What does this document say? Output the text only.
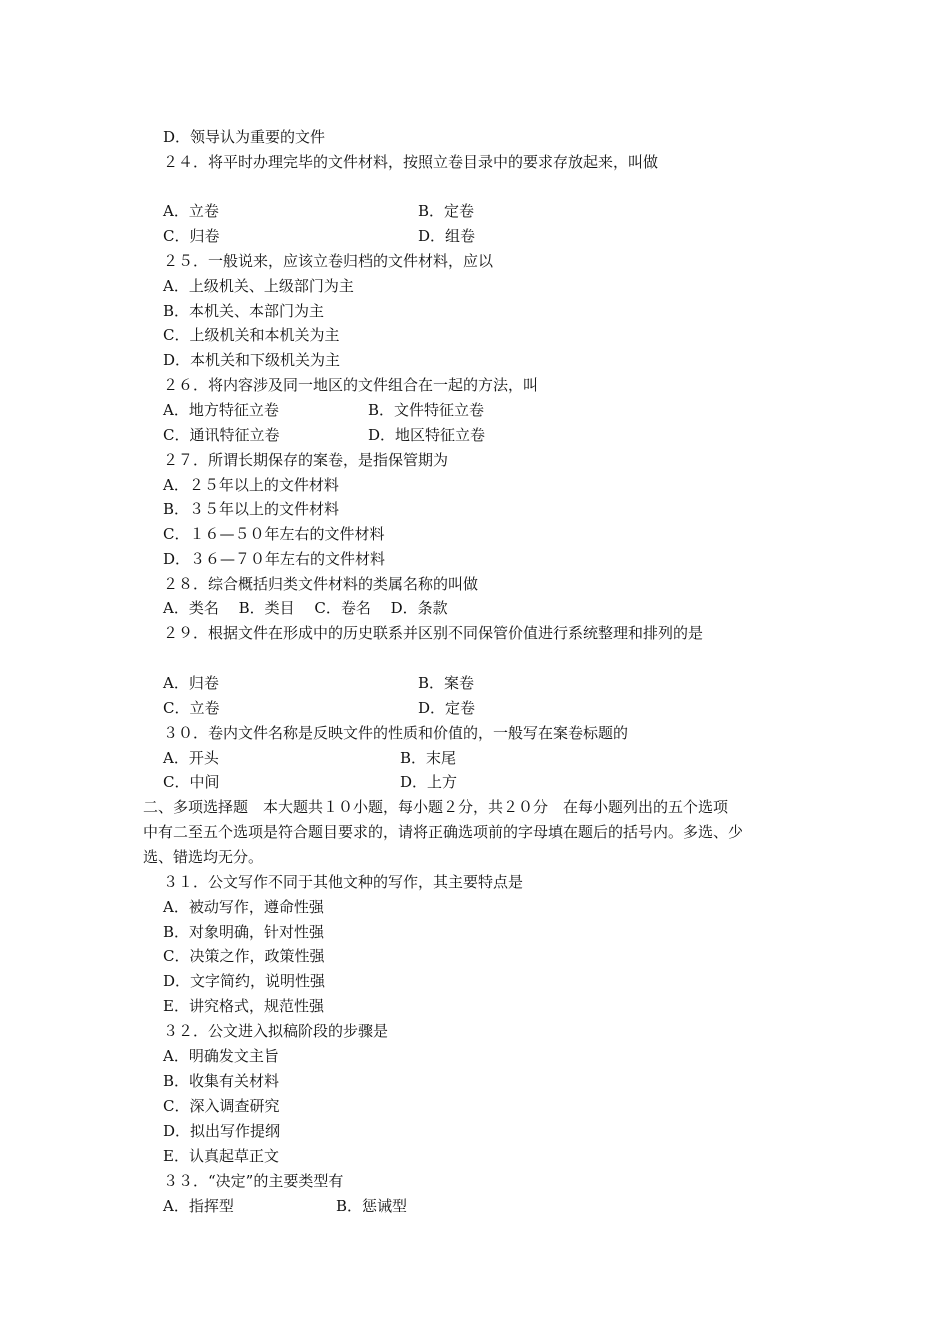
D．领导认为重要的文件
２４．将平时办理完毕的文件材料，按照立卷目录中的要求存放起来，叫做
A．立卷	B．定卷
C．归卷	D．组卷
２５．一般说来，应该立卷归档的文件材料，应以
A．上级机关、上级部门为主
B．本机关、本部门为主
C．上级机关和本机关为主
D．本机关和下级机关为主
２６．将内容涉及同一地区的文件组合在一起的方法，叫
A．地方特征立卷	B．文件特征立卷
C．通讯特征立卷	D．地区特征立卷
２７．所谓长期保存的案卷，是指保管期为
A．２５年以上的文件材料
B．３５年以上的文件材料
C．１６—５０年左右的文件材料
D．３６—７０年左右的文件材料
２８．综合概括归类文件材料的类属名称的叫做
A．类名　 B．类目　 C．卷名　 D．条款
２９．根据文件在形成中的历史联系并区别不同保管价值进行系统整理和排列的是
A．归卷	B．案卷
C．立卷	D．定卷
３０．卷内文件名称是反映文件的性质和价值的，一般写在案卷标题的
A．开头	B．末尾
C．中间	D．上方
二、多项选择题　本大题共１０小题，每小题２分，共２０分　在每小题列出的五个选项
中有二至五个选项是符合题目要求的，请将正确选项前的字母填在题后的括号内。多选、少
选、错选均无分。
３１．公文写作不同于其他文种的写作，其主要特点是
A．被动写作，遵命性强
B．对象明确，针对性强
C．决策之作，政策性强
D．文字简约，说明性强
E．讲究格式，规范性强
３２．公文进入拟稿阶段的步骤是
A．明确发文主旨
B．收集有关材料
C．深入调查研究
D．拟出写作提纲
E．认真起草正文
３３．“决定”的主要类型有
A．指挥型	B．惩诫型
